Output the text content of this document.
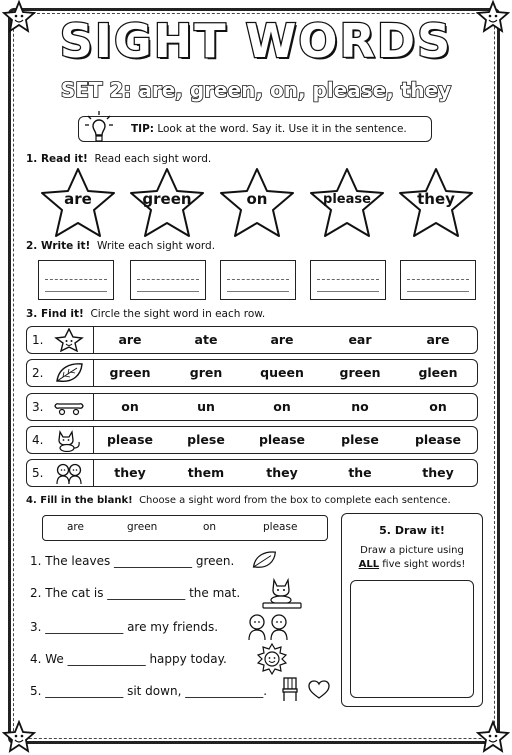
SIGHT WORDS
SET 2: are, green, on, please, they
TIP: Look at the word. Say it. Use it in the sentence.
1. Read it! Read each sight word.
are	green	on	please	they
2. Write it! Write each sight word.
3. Find it! Circle the sight word in each row.
1.	are	ate	are	ear	are
2.	green	gren	queen	green	gleen
3.	on	un	on	no	on
4.	please	plese	please	plese	please
5.	they	them	they	the	they
4. Fill in the blank! Choose a sight word from the box to complete each sentence.
are	green	on	please
1. The leaves _____________ green.
2. The cat is _____________ the mat.
3. _____________ are my friends.
4. We _____________ happy today.
5. _____________ sit down, _____________.
5. Draw it!
Draw a picture using
ALL five sight words!
